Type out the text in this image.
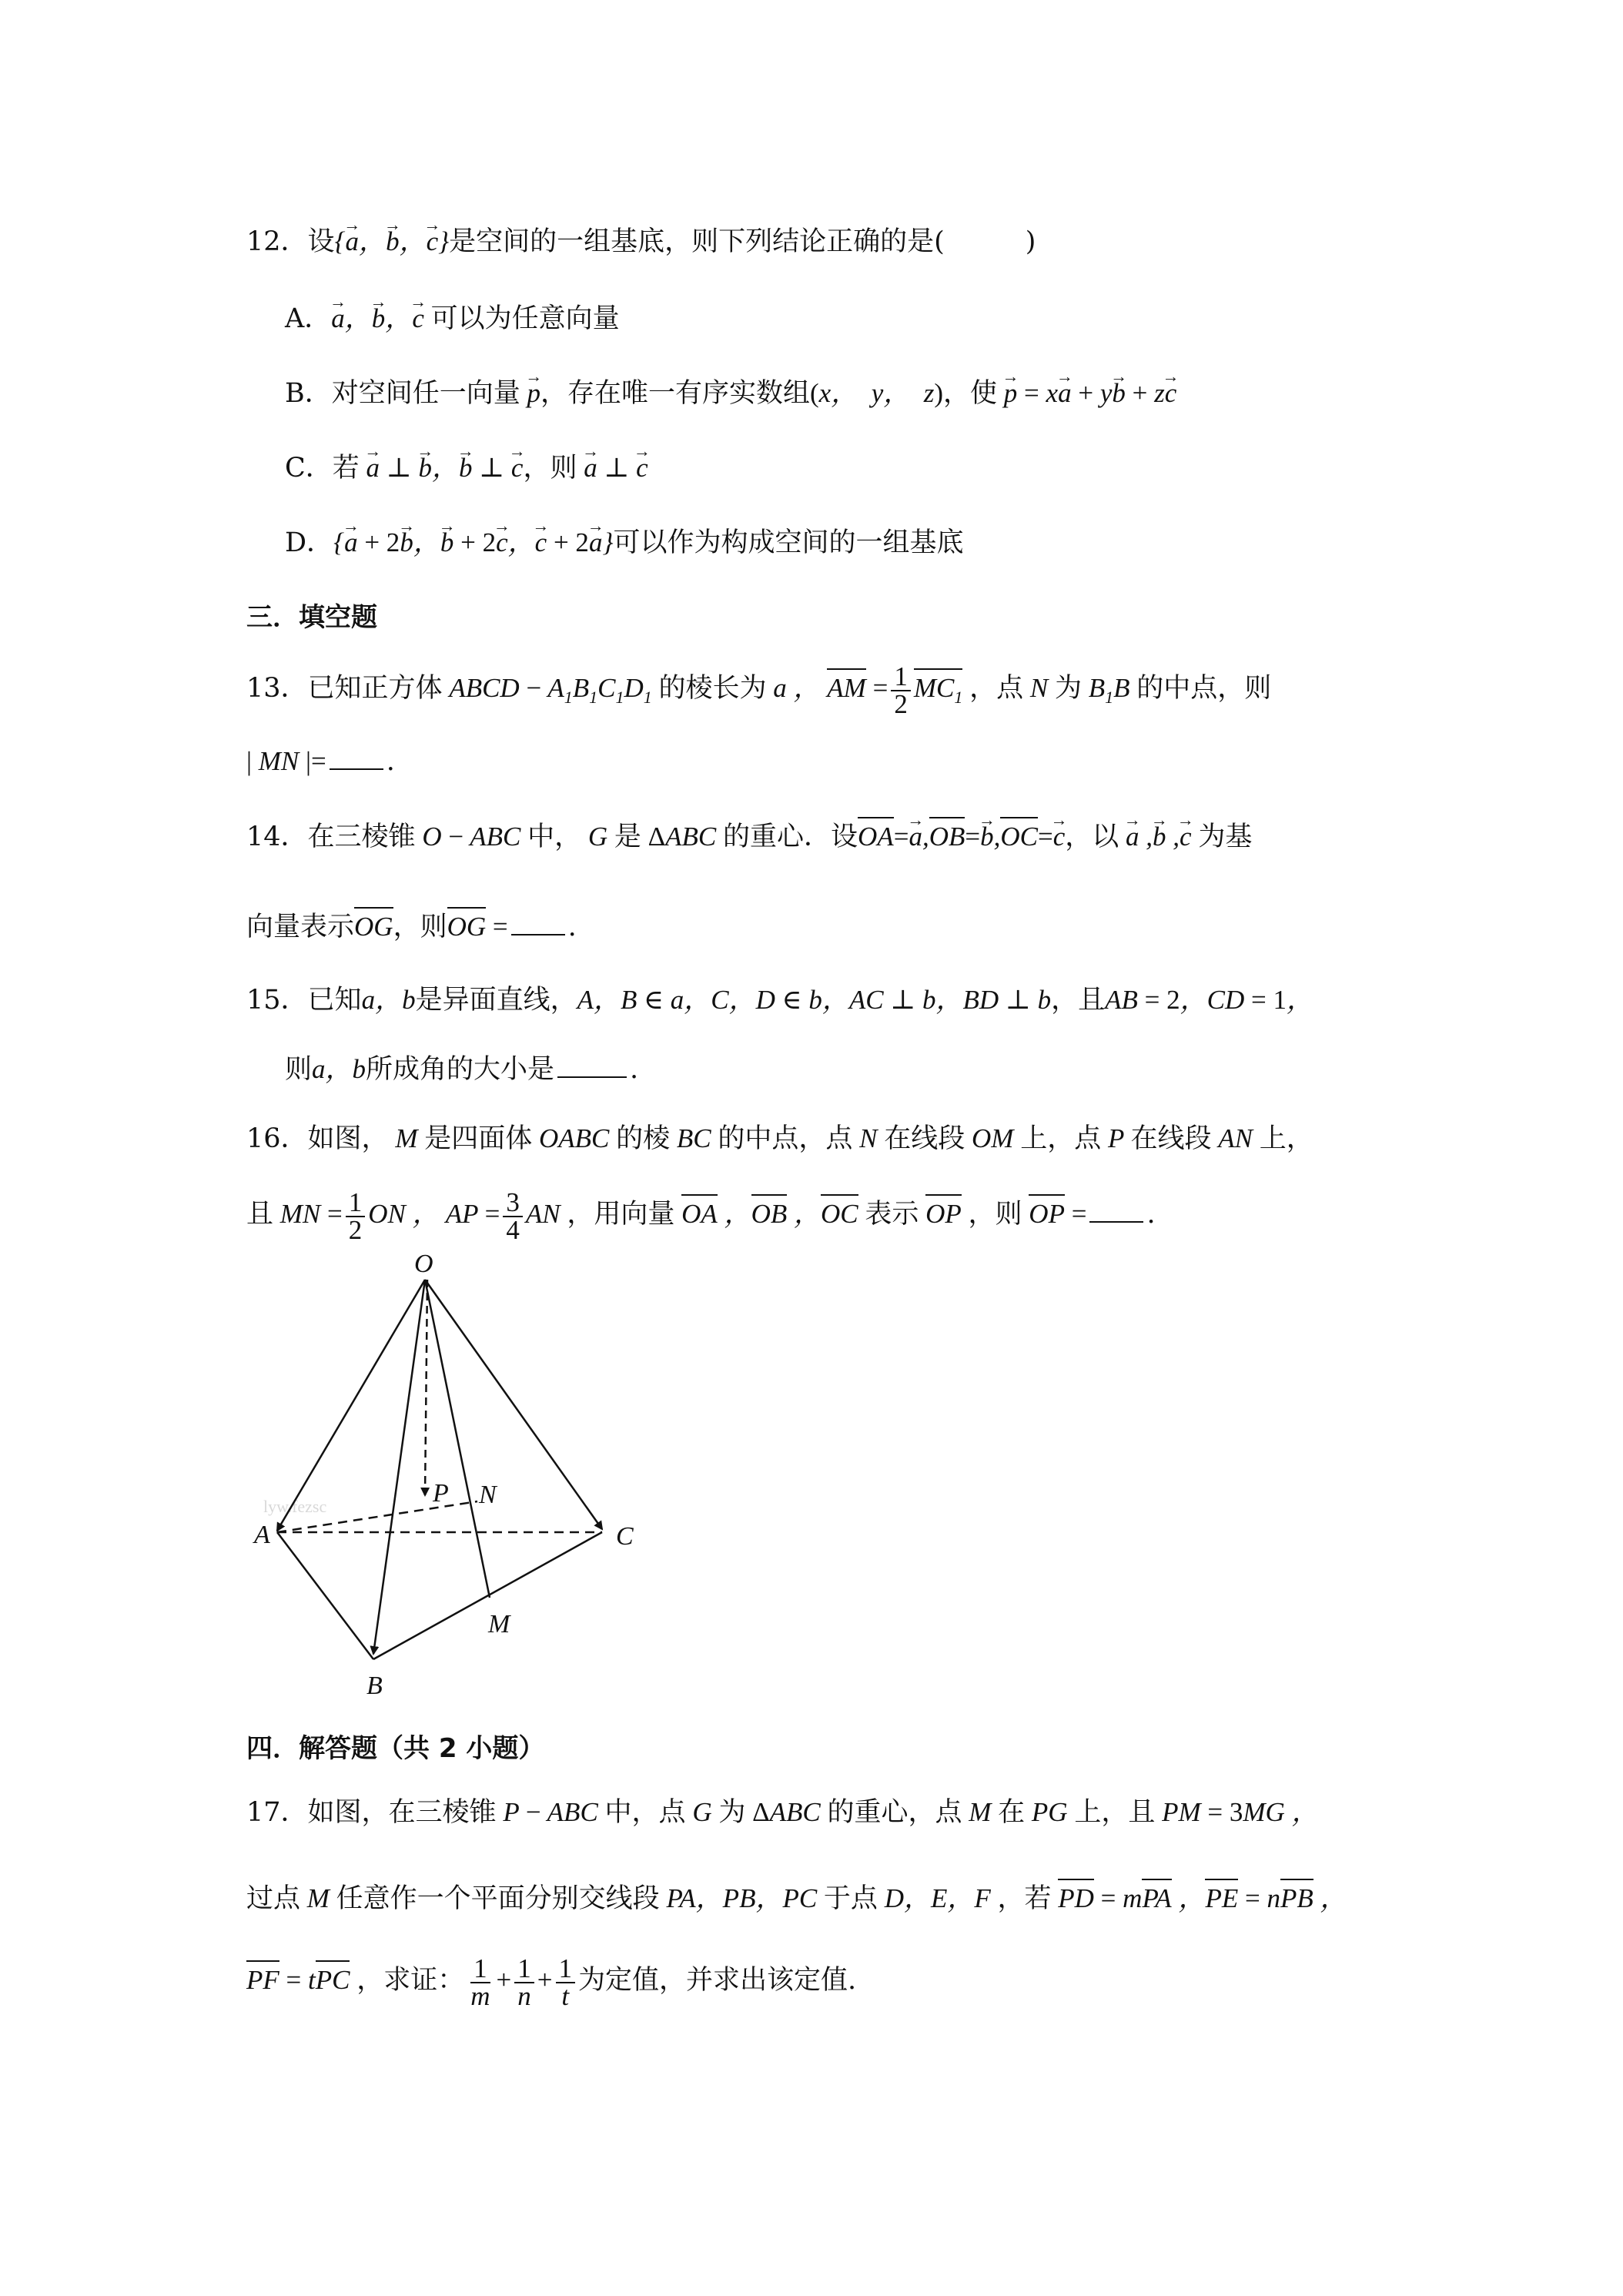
12．设{→ a，→ b，→ c}是空间的一组基底，则下列结论正确的是(　　　)
A．→ a，→ b，→ c 可以为任意向量
B．对空间任一向量 → p，存在唯一有序实数组(x，　y，　z)，使 → p = x→ a + y→ b + z→ c
C．若 → a ⊥ → b，→ b ⊥ → c，则 → a ⊥ → c
D．{→ a + 2→ b，→ b + 2→ c，→ c + 2→ a}可以作为构成空间的一组基底
三．填空题
13．已知正方体 ABCD − $A_1B_1C_1D_1$ 的棱长为 a ， AM = $\frac{1}{2} MC_1$ ，点 N 为 $B_1B$ 的中点，则
| MN |= .
14．在三棱锥 O − ABC 中， G 是 ΔABC 的重心．设OA=→ a,OB=→ b,OC=→ c，以 → a ,→ b ,→ c 为基
向量表示OG，则OG = .
15．已知a，b是异面直线，A，B ∈ a，C，D ∈ b，AC ⊥ b，BD ⊥ b，且AB = 2，CD = 1，
则a，b所成角的大小是	.
16．如图， M 是四面体 OABC 的棱 BC 的中点，点 N 在线段 OM 上，点 P 在线段 AN 上，
且 MN = $\frac{1}{2}$ ON ， AP = $\frac{3}{4}$ AN ，用向量 OA ，OB ，OC 表示 OP ，则 OP = .
lyw.fezsc
O
A
B
C
M
N
P
四．解答题（共 2 小题）
17．如图，在三棱锥 P − ABC 中，点 G 为 ΔABC 的重心，点 M 在 PG 上，且 PM = 3MG ，
过点 M 任意作一个平面分别交线段 PA，PB，PC 于点 D，E，F ，若 PD = mPA ，PE = nPB ，
PF = tPC ，求证： $\frac{1}{m} + \frac{1}{n} + \frac{1}{t}$ 为定值，并求出该定值.
